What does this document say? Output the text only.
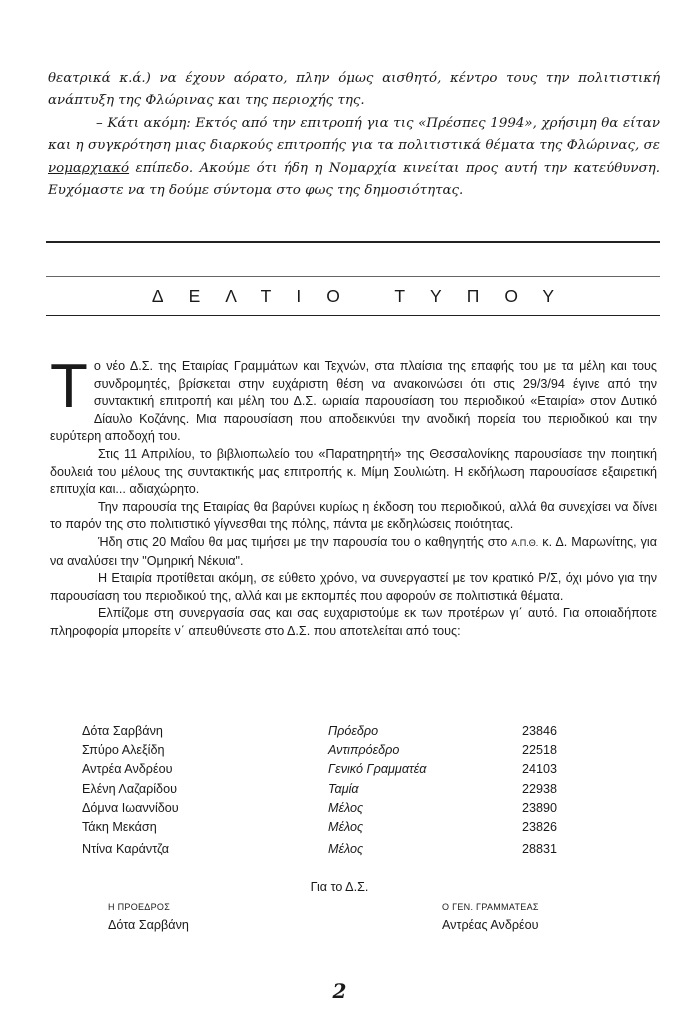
θεατρικά κ.ά.) να έχουν αόρατο, πλην όμως αισθητό, κέντρο τους την πολιτιστική ανάπτυξη της Φλώρινας και της περιοχής της.

– Κάτι ακόμη: Εκτός από την επιτροπή για τις «Πρέσπες 1994», χρήσιμη θα είταν και η συγκρότηση μιας διαρκούς επιτροπής για τα πολιτιστικά θέματα της Φλώρινας, σε νομαρχιακό επίπεδο. Ακούμε ότι ήδη η Νομαρχία κινείται προς αυτή την κατεύθυνση. Ευχόμαστε να τη δούμε σύντομα στο φως της δημοσιότητας.

ΔΕΛΤΙΟ ΤΥΠΟΥ

Το νέο Δ.Σ. της Εταιρίας Γραμμάτων και Τεχνών, στα πλαίσια της επαφής του με τα μέλη και τους συνδρομητές, βρίσκεται στην ευχάριστη θέση να ανακοινώσει ότι στις 29/3/94 έγινε από την συντακτική επιτροπή και μέλη του Δ.Σ. ωριαία παρουσίαση του περιοδικού «Εταιρία» στον Δυτικό Δίαυλο Κοζάνης. Μια παρουσίαση που αποδεικνύει την ανοδική πορεία του περιοδικού και την ευρύτερη αποδοχή του.

Στις 11 Απριλίου, το βιβλιοπωλείο του «Παρατηρητή» της Θεσσαλονίκης παρουσίασε την ποιητική δουλειά του μέλους της συντακτικής μας επιτροπής κ. Μίμη Σουλιώτη. Η εκδήλωση παρουσίασε εξαιρετική επιτυχία και... αδιαχώρητο.

Την παρουσία της Εταιρίας θα βαρύνει κυρίως η έκδοση του περιοδικού, αλλά θα συνεχίσει να δίνει το παρόν της στο πολιτιστικό γίγνεσθαι της πόλης, πάντα με εκδηλώσεις ποιότητας.

Ήδη στις 20 Μαΐου θα μας τιμήσει με την παρουσία του ο καθηγητής στο Α.Π.Θ. κ. Δ. Μαρωνίτης, για να αναλύσει την "Ομηρική Νέκυια".

Η Εταιρία προτίθεται ακόμη, σε εύθετο χρόνο, να συνεργαστεί με τον κρατικό Ρ/Σ, όχι μόνο για την παρουσίαση του περιοδικού της, αλλά και με εκπομπές που αφορούν σε πολιτιστικά θέματα.

Ελπίζομε στη συνεργασία σας και σας ευχαριστούμε εκ των προτέρων γι΄ αυτό. Για οποιαδήποτε πληροφορία μπορείτε ν΄ απευθύνεστε στο Δ.Σ. που αποτελείται από τους:

Δότα Σαρβάνη	Πρόεδρο	23846
Σπύρο Αλεξίδη	Αντιπρόεδρο	22518
Αντρέα Ανδρέου	Γενικό Γραμματέα	24103
Ελένη Λαζαρίδου	Ταμία	22938
Δόμνα Ιωαννίδου	Μέλος	23890
Τάκη Μεκάση	Μέλος	23826
Ντίνα Καράντζα	Μέλος	28831
Για το Δ.Σ.
Η ΠΡΟΕΔΡΟΣ
Δότα Σαρβάνη
Ο ΓΕΝ. ΓΡΑΜΜΑΤΕΑΣ
Αντρέας Ανδρέου
2
